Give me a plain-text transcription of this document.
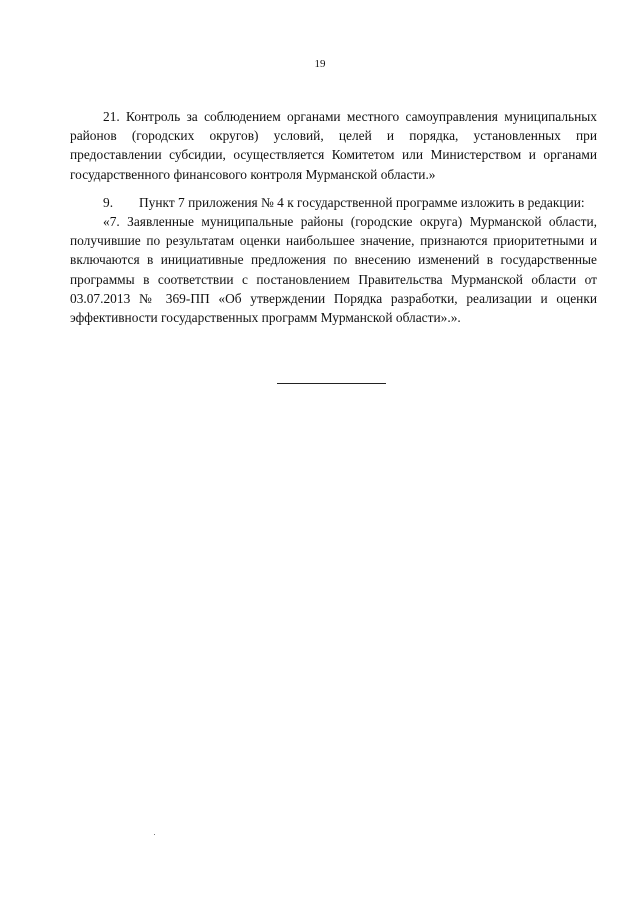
19

21. Контроль за соблюдением органами местного самоуправления муниципальных районов (городских округов) условий, целей и порядка, установленных при предоставлении субсидии, осуществляется Комитетом или Министерством и органами государственного финансового контроля Мурманской области.»

9. Пункт 7 приложения № 4 к государственной программе изложить в редакции:

«7. Заявленные муниципальные районы (городские округа) Мурманской области, получившие по результатам оценки наибольшее значение, признаются приоритетными и включаются в инициативные предложения по внесению изменений в государственные программы в соответствии с постановлением Правительства Мурманской области от 03.07.2013 № 369-ПП «Об утверждении Порядка разработки, реализации и оценки эффективности государственных программ Мурманской области».».
